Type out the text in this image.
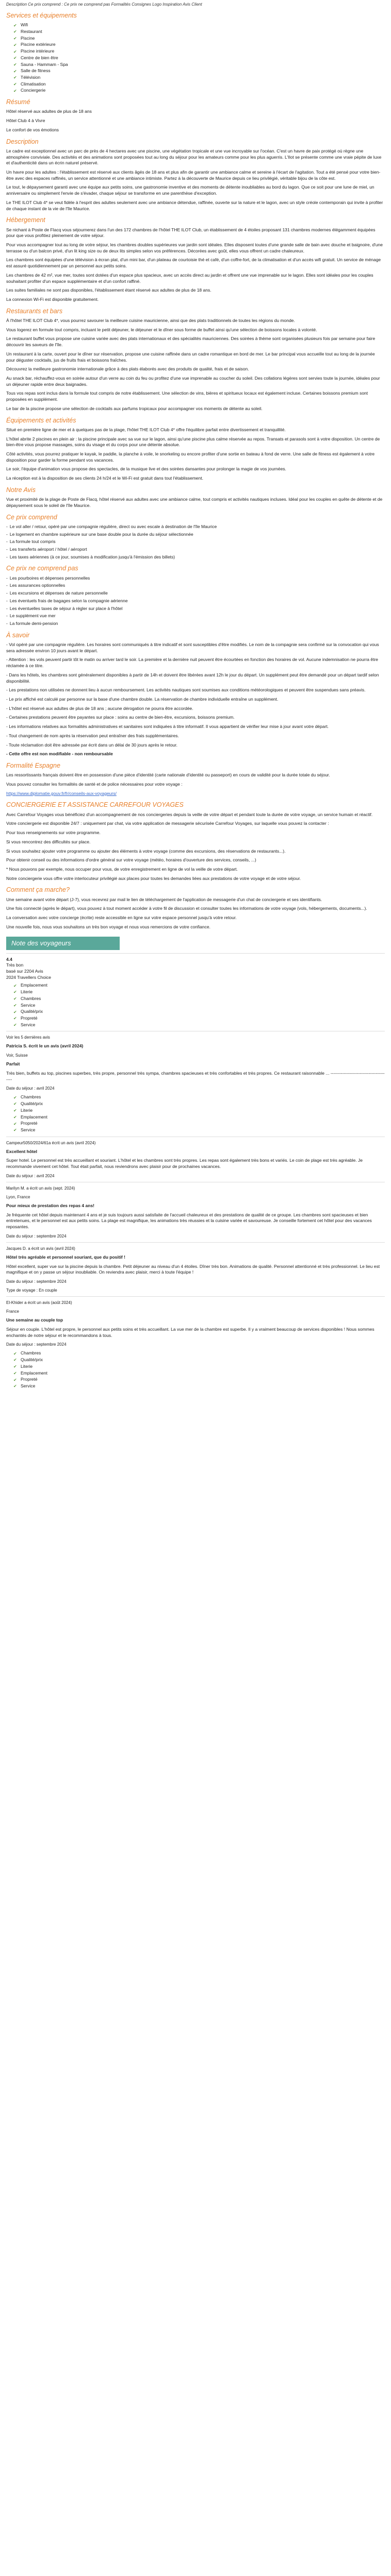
Description Ce prix comprend : Ce prix ne comprend pas Formalités Consignes Logo Inspiration Avis Client
Services et équipements
✔ Wifi
✔ Restaurant
✔ Piscine
✔ Piscine extérieure
✔ Piscine intérieure
✔ Centre de bien être
✔ Sauna - Hammam - Spa
✔ Salle de fitness
✔ Télévision
✔ Climatisation
✔ Conciergerie
Résumé

Hôtel réservé aux adultes de plus de 18 ans

Hôtel Club 4 à Vivre

Le confort de vos émotions

Description

Le cadre est exceptionnel avec un parc de près de 4 hectares avec une piscine, une végétation tropicale et une vue incroyable sur l'océan. C'est un havre de paix protégé où règne une atmosphère conviviale. Des activités et des animations sont proposées tout au long du séjour pour les amateurs comme pour les plus aguerris. L'Ilot se présente comme une vraie pépite de luxe et d'authenticité dans un écrin naturel préservé.

Un havre pour les adultes : l'établissement est réservé aux clients âgés de 18 ans et plus afin de garantir une ambiance calme et sereine à l'écart de l'agitation. Tout a été pensé pour votre bien-être avec des espaces raffinés, un service attentionné et une ambiance intimiste. Partez à la découverte de Maurice depuis ce lieu privilégié, véritable bijou de la côte est.

Le tout, le dépaysement garanti avec une équipe aux petits soins, une gastronomie inventive et des moments de détente inoubliables au bord du lagon. Que ce soit pour une lune de miel, un anniversaire ou simplement l'envie de s'évader, chaque séjour se transforme en une parenthèse d'exception.

Le THE ILOT Club 4* se veut fidèle à l'esprit des adultes seulement avec une ambiance détendue, raffinée, ouverte sur la nature et le lagon, avec un style créole contemporain qui invite à profiter de chaque instant de la vie de l'île Maurice.

Hébergement

Se nichant à Poste de Flacq vous séjournerez dans l'un des 172 chambres de l'hôtel THE ILOT Club, un établissement de 4 étoiles proposant 131 chambres modernes élégamment équipées pour que vous profitiez pleinement de votre séjour.

Pour vous accompagner tout au long de votre séjour, les chambres doubles supérieures vue jardin sont idéales. Elles disposent toutes d'une grande salle de bain avec douche et baignoire, d'une terrasse ou d'un balcon privé, d'un lit king size ou de deux lits simples selon vos préférences. Décorées avec goût, elles vous offrent un cadre chaleureux.

Les chambres sont équipées d'une télévision à écran plat, d'un mini bar, d'un plateau de courtoisie thé et café, d'un coffre-fort, de la climatisation et d'un accès wifi gratuit. Un service de ménage est assuré quotidiennement par un personnel aux petits soins.

Les chambres de 42 m², vue mer, toutes sont dotées d'un espace plus spacieux, avec un accès direct au jardin et offrent une vue imprenable sur le lagon. Elles sont idéales pour les couples souhaitant profiter d'un espace supplémentaire et d'un confort raffiné.

Les suites familiales ne sont pas disponibles, l'établissement étant réservé aux adultes de plus de 18 ans.

La connexion Wi-Fi est disponible gratuitement.

Restaurants et bars

À l'hôtel THE ILOT Club 4*, vous pourrez savourer la meilleure cuisine mauricienne, ainsi que des plats traditionnels de toutes les régions du monde.

Vous logerez en formule tout compris, incluant le petit déjeuner, le déjeuner et le dîner sous forme de buffet ainsi qu'une sélection de boissons locales à volonté.

Le restaurant buffet vous propose une cuisine variée avec des plats internationaux et des spécialités mauriciennes. Des soirées à thème sont organisées plusieurs fois par semaine pour faire découvrir les saveurs de l'île.

Un restaurant à la carte, ouvert pour le dîner sur réservation, propose une cuisine raffinée dans un cadre romantique en bord de mer. Le bar principal vous accueille tout au long de la journée pour déguster cocktails, jus de fruits frais et boissons fraîches.

Découvrez la meilleure gastronomie internationale grâce à des plats élaborés avec des produits de qualité, frais et de saison.

Au snack bar, réchauffez-vous en soirée autour d'un verre au coin du feu ou profitez d'une vue imprenable au coucher du soleil. Des collations légères sont servies toute la journée, idéales pour un déjeuner rapide entre deux baignades.

Tous vos repas sont inclus dans la formule tout compris de notre établissement. Une sélection de vins, bières et spiritueux locaux est également incluse. Certaines boissons premium sont proposées en supplément.

Le bar de la piscine propose une sélection de cocktails aux parfums tropicaux pour accompagner vos moments de détente au soleil.

Équipements et activités

Situé en première ligne de mer et à quelques pas de la plage, l'hôtel THE ILOT Club 4* offre l'équilibre parfait entre divertissement et tranquillité.

L'hôtel abrite 2 piscines en plein air : la piscine principale avec sa vue sur le lagon, ainsi qu'une piscine plus calme réservée au repos. Transats et parasols sont à votre disposition. Un centre de bien-être vous propose massages, soins du visage et du corps pour une détente absolue.

Côté activités, vous pourrez pratiquer le kayak, le paddle, la planche à voile, le snorkeling ou encore profiter d'une sortie en bateau à fond de verre. Une salle de fitness est également à votre disposition pour garder la forme pendant vos vacances.

Le soir, l'équipe d'animation vous propose des spectacles, de la musique live et des soirées dansantes pour prolonger la magie de vos journées.

La réception est à la disposition de ses clients 24 h/24 et le Wi-Fi est gratuit dans tout l'établissement.

Notre Avis

Vue et proximité de la plage de Poste de Flacq, hôtel réservé aux adultes avec une ambiance calme, tout compris et activités nautiques incluses. Idéal pour les couples en quête de détente et de dépaysement sous le soleil de l'île Maurice.

Ce prix comprend
- Le vol aller / retour, opéré par une compagnie régulière, direct ou avec escale à destination de l'île Maurice
- Le logement en chambre supérieure sur une base double pour la durée du séjour sélectionnée
- La formule tout compris
- Les transferts aéroport / hôtel / aéroport
- Les taxes aériennes (à ce jour, soumises à modification jusqu'à l'émission des billets)
Ce prix ne comprend pas
- Les pourboires et dépenses personnelles
- Les assurances optionnelles
- Les excursions et dépenses de nature personnelle
- Les éventuels frais de bagages selon la compagnie aérienne
- Les éventuelles taxes de séjour à régler sur place à l'hôtel
- Le supplément vue mer
- La formule demi-pension
À savoir

- Vol opéré par une compagnie régulière. Les horaires sont communiqués à titre indicatif et sont susceptibles d'être modifiés. Le nom de la compagnie sera confirmé sur la convocation qui vous sera adressée environ 10 jours avant le départ.

- Attention : les vols peuvent partir tôt le matin ou arriver tard le soir. La première et la dernière nuit peuvent être écourtées en fonction des horaires de vol. Aucune indemnisation ne pourra être réclamée à ce titre.

- Dans les hôtels, les chambres sont généralement disponibles à partir de 14h et doivent être libérées avant 12h le jour du départ. Un supplément peut être demandé pour un départ tardif selon disponibilité.

- Les prestations non utilisées ne donnent lieu à aucun remboursement. Les activités nautiques sont soumises aux conditions météorologiques et peuvent être suspendues sans préavis.

- Le prix affiché est calculé par personne sur la base d'une chambre double. La réservation de chambre individuelle entraîne un supplément.

- L'hôtel est réservé aux adultes de plus de 18 ans ; aucune dérogation ne pourra être accordée.

- Certaines prestations peuvent être payantes sur place : soins au centre de bien-être, excursions, boissons premium.

- Les informations relatives aux formalités administratives et sanitaires sont indiquées à titre informatif. Il vous appartient de vérifier leur mise à jour avant votre départ.

- Tout changement de nom après la réservation peut entraîner des frais supplémentaires.

- Toute réclamation doit être adressée par écrit dans un délai de 30 jours après le retour.

- Cette offre est non modifiable - non remboursable

Formalité Espagne

Les ressortissants français doivent être en possession d'une pièce d'identité (carte nationale d'identité ou passeport) en cours de validité pour la durée totale du séjour.

Vous pouvez consulter les formalités de santé et de police nécessaires pour votre voyage :

https://www.diplomatie.gouv.fr/fr/conseils-aux-voyageurs/

CONCIERGERIE ET ASSISTANCE CARREFOUR VOYAGES

Avec Carrefour Voyages vous bénéficiez d'un accompagnement de nos conciergeries depuis la veille de votre départ et pendant toute la durée de votre voyage, un service humain et réactif.

Votre conciergerie est disponible 24/7 : uniquement par chat, via votre application de messagerie sécurisée Carrefour Voyages, sur laquelle vous pouvez la contacter :

Pour tous renseignements sur votre programme.

Si vous rencontrez des difficultés sur place.

Si vous souhaitez ajouter votre programme ou ajouter des éléments à votre voyage (comme des excursions, des réservations de restaurants...).

Pour obtenir conseil ou des informations d'ordre général sur votre voyage (météo, horaires d'ouverture des services, conseils, ...)

* Nous pouvons par exemple, nous occuper pour vous, de votre enregistrement en ligne de vol la veille de votre départ.

Notre conciergerie vous offre votre interlocuteur privilégié aux places pour toutes les demandes liées aux prestations de votre voyage et de votre séjour.

Comment ça marche?

Une semaine avant votre départ (J-7), vous recevrez par mail le lien de téléchargement de l'application de messagerie d'un chat de conciergerie et ses identifiants.

Une fois connecté (après le départ), vous pouvez à tout moment accéder à votre fil de discussion et consulter toutes les informations de votre voyage (vols, hébergements, documents...).

La conversation avec votre concierge (écrite) reste accessible en ligne sur votre espace personnel jusqu'à votre retour.

Une nouvelle fois, nous vous souhaitons un très bon voyage et nous vous remercions de votre confiance.

Note des voyageurs
4.4
Très bon
basé sur 2204 Avis
2024 Travellers Choice
✔ Emplacement
✔ Literie
✔ Chambres
✔ Service
✔ Qualité/prix
✔ Propreté
✔ Service

Voir les 5 dernières avis

Patricia S. écrit le un avis (avril 2024)

Voir, Suisse

Parfait

Très bien, buffets au top, piscines superbes, très propre, personnel très sympa, chambres spacieuses et très confortables et très propres. Ce restaurant raisonnable ... -----------------------------------------

Date du séjour : avril 2024

✔ Chambres
✔ Qualité/prix
✔ Literie
✔ Emplacement
✔ Propreté
✔ Service

Campeur5050/2024/61a écrit un avis (avril 2024)

Excellent hôtel

Super hotel. Le personnel est très accueillant et souriant. L'hôtel et les chambres sont très propres. Les repas sont également très bons et variés. Le coin de plage est très agréable. Je recommande vivement cet hôtel. Tout était parfait, nous reviendrons avec plaisir pour de prochaines vacances.

Date du séjour : avril 2024

Marilyn M. a écrit un avis (sept. 2024)

Lyon, France

Pour mieux de prestation des repas 4 ans!

Je fréquente cet hôtel depuis maintenant 4 ans et je suis toujours aussi satisfaite de l'accueil chaleureux et des prestations de qualité de ce groupe. Les chambres sont spacieuses et bien entretenues, et le personnel est aux petits soins. La plage est magnifique, les animations très réussies et la cuisine variée et savoureuse. Je conseille fortement cet hôtel pour des vacances reposantes.

Date du séjour : septembre 2024

Jacques D. a écrit un avis (avril 2024)

Hôtel très agréable et personnel souriant, que du positif !

Hôtel excellent, super vue sur la piscine depuis la chambre. Petit déjeuner au niveau d'un 4 étoiles. Dîner très bon. Animations de qualité. Personnel attentionné et très professionnel. Le lieu est magnifique et on y passe un séjour inoubliable. On reviendra avec plaisir, merci à toute l'équipe !

Date du séjour : septembre 2024

Type de voyage : En couple

El-Khider a écrit un avis (août 2024)

France

Une semaine au couple top

Séjour en couple. L'hôtel est propre, le personnel aux petits soins et très accueillant. La vue mer de la chambre est superbe. Il y a vraiment beaucoup de services disponibles ! Nous sommes enchantés de notre séjour et le recommandons à tous.

Date du séjour : septembre 2024

✔ Chambres
✔ Qualité/prix
✔ Literie
✔ Emplacement
✔ Propreté
✔ Service
